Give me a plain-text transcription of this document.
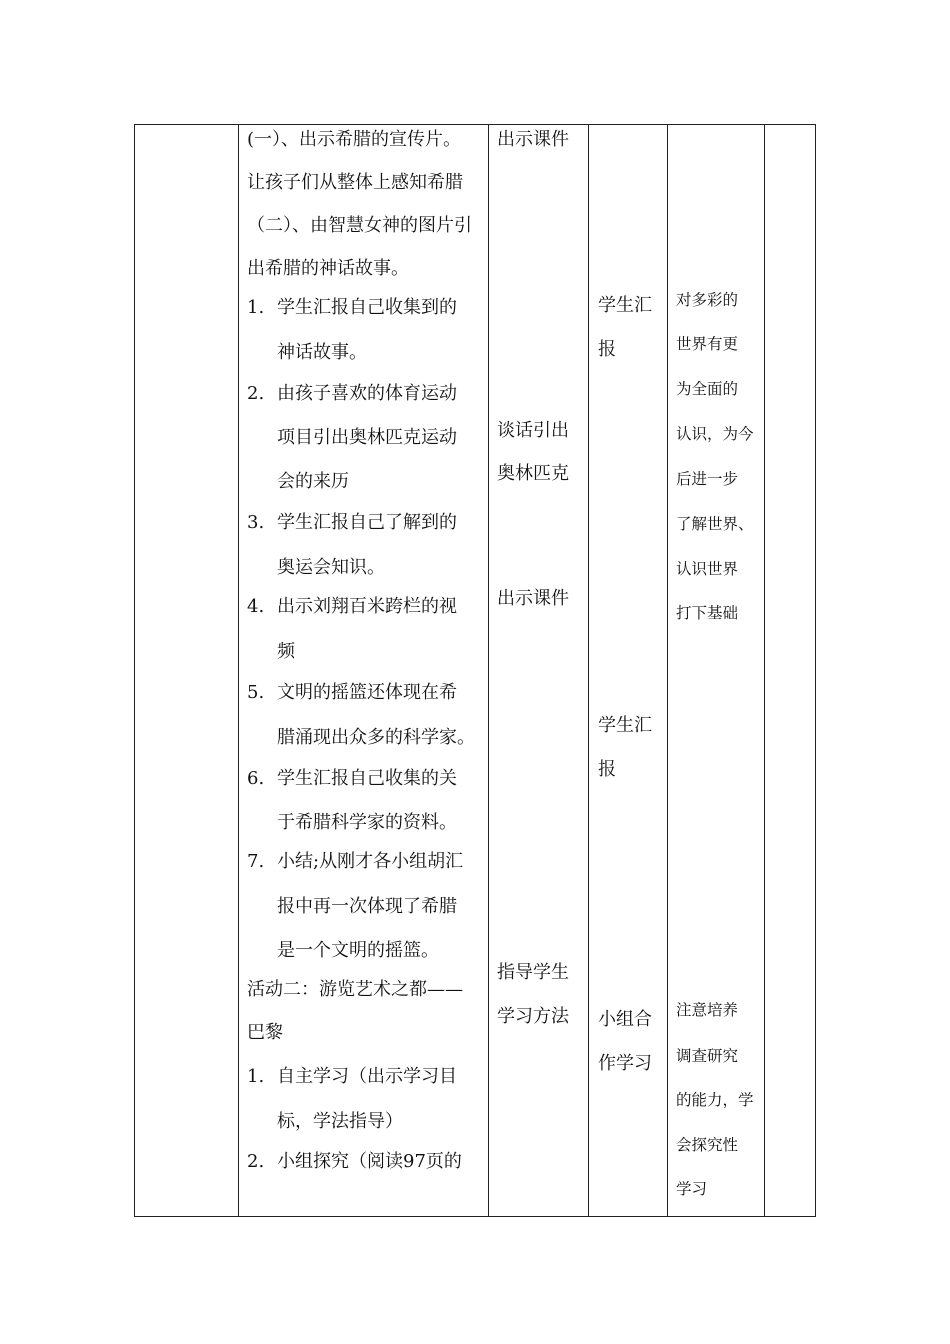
(一）、出示希腊的宣传片。
让孩子们从整体上感知希腊
（二）、由智慧女神的图片引
出希腊的神话故事。
1. 学生汇报自己收集到的
神话故事。
2. 由孩子喜欢的体育运动
项目引出奥林匹克运动
会的来历
3. 学生汇报自己了解到的
奥运会知识。
4. 出示刘翔百米跨栏的视
频
5. 文明的摇篮还体现在希
腊涌现出众多的科学家。
6. 学生汇报自己收集的关
于希腊科学家的资料。
7. 小结;从刚才各小组胡汇
报中再一次体现了希腊
是一个文明的摇篮。
活动二：游览艺术之都——
巴黎
1. 自主学习（出示学习目
标，学法指导）
2. 小组探究（阅读97页的
出示课件
谈话引出
奥林匹克
出示课件
指导学生
学习方法
学生汇
报
学生汇
报
小组合
作学习
对多彩的
世界有更
为全面的
认识，为今
后进一步
了解世界、
认识世界
打下基础
注意培养
调查研究
的能力，学
会探究性
学习
